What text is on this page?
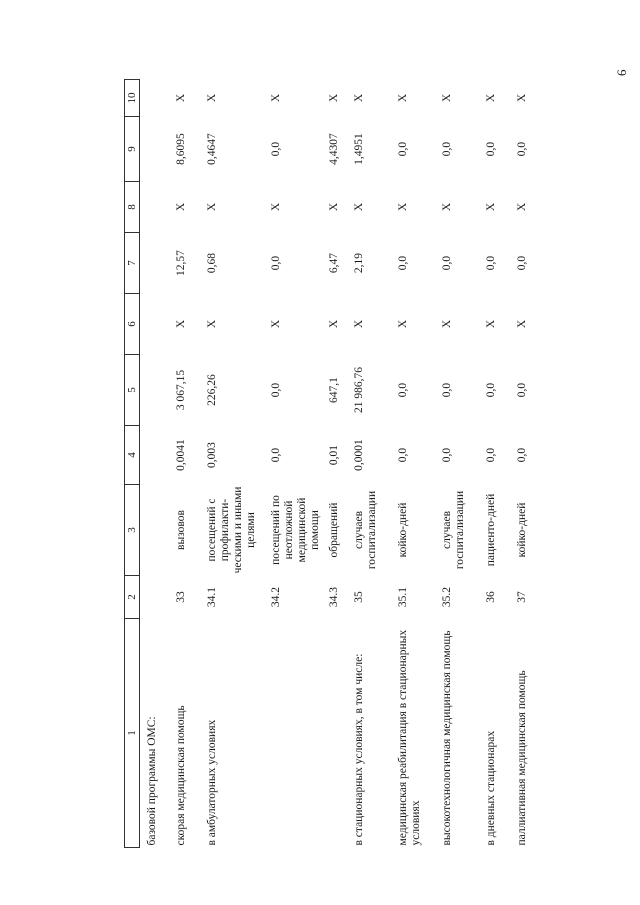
6
1	2	3	4	5	6	7	8	9	10
базовой программы ОМС:									
скорая медицинская помощь	33	вызовов	0,0041	3 067,15	X	12,57	X	8,6095	X
в амбулаторных условиях	34.1	посещений с профилакти-ческими и иными целями	0,003	226,26	X	0,68	X	0,4647	X
	34.2	посещений по неотложной медицинской помощи	0,0	0,0	X	0,0	X	0,0	X
	34.3	обращений	0,01	647,1	X	6,47	X	4,4307	X
в стационарных условиях, в том числе:	35	случаев госпитализации	0,0001	21 986,76	X	2,19	X	1,4951	X
медицинская реабилитация в стационарных условиях	35.1	койко-дней	0,0	0,0	X	0,0	X	0,0	X
высокотехнологичная медицинская помощь	35.2	случаев госпитализации	0,0	0,0	X	0,0	X	0,0	X
в дневных стационарах	36	пациенто-дней	0,0	0,0	X	0,0	X	0,0	X
паллиативная медицинская помощь	37	койко-дней	0,0	0,0	X	0,0	X	0,0	X
